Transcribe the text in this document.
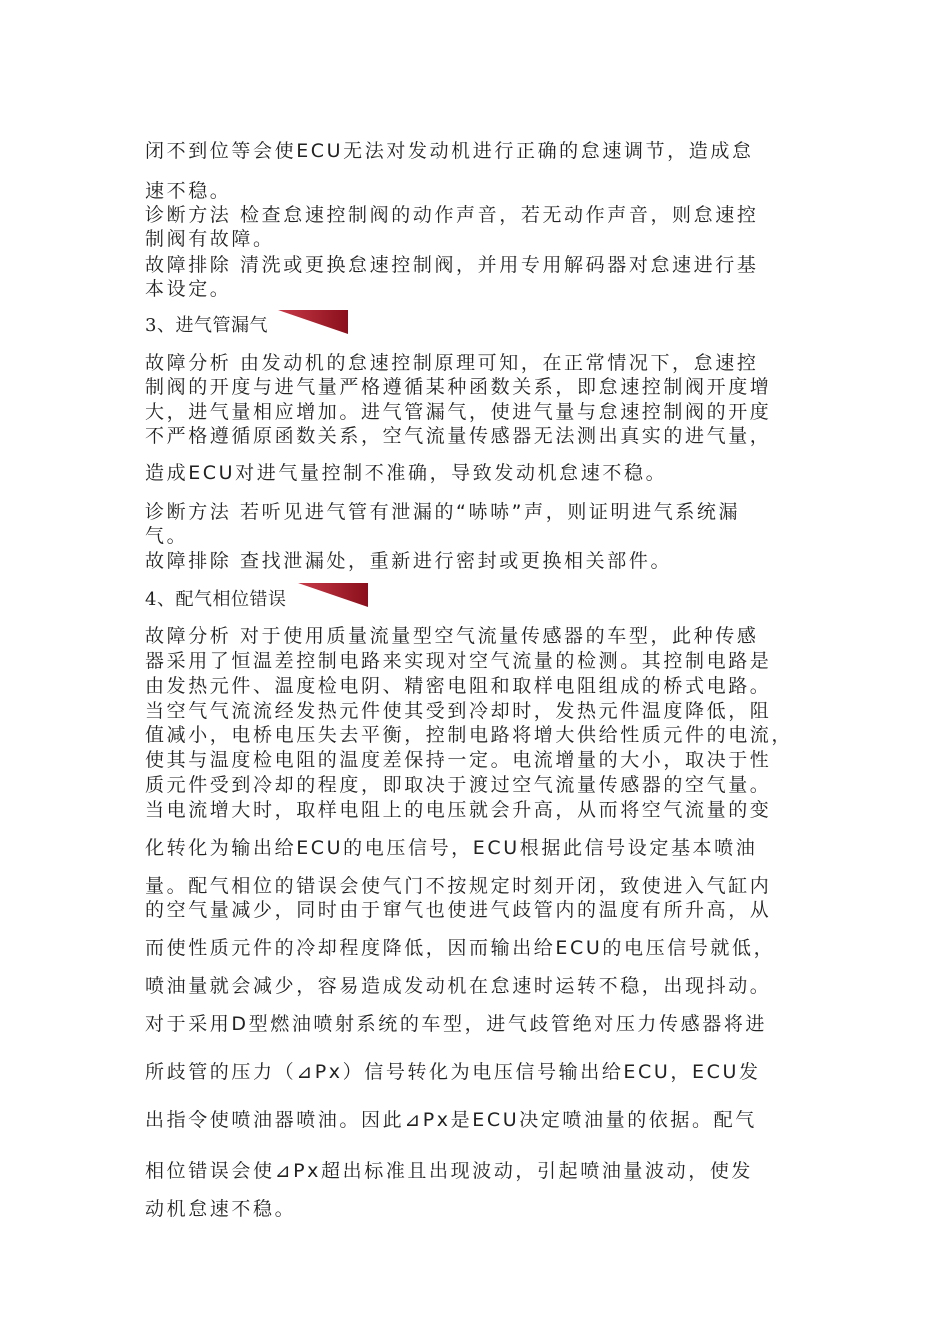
闭不到位等会使ECU无法对发动机进行正确的怠速调节，造成怠
速不稳。
诊断方法 检查怠速控制阀的动作声音，若无动作声音，则怠速控
制阀有故障。
故障排除 清洗或更换怠速控制阀，并用专用解码器对怠速进行基
本设定。
3、进气管漏气
故障分析 由发动机的怠速控制原理可知，在正常情况下，怠速控
制阀的开度与进气量严格遵循某种函数关系，即怠速控制阀开度增
大，进气量相应增加。进气管漏气，使进气量与怠速控制阀的开度
不严格遵循原函数关系，空气流量传感器无法测出真实的进气量，
造成ECU对进气量控制不准确，导致发动机怠速不稳。
诊断方法 若听见进气管有泄漏的“哧哧”声，则证明进气系统漏
气。
故障排除 查找泄漏处，重新进行密封或更换相关部件。
4、配气相位错误
故障分析 对于使用质量流量型空气流量传感器的车型，此种传感
器采用了恒温差控制电路来实现对空气流量的检测。其控制电路是
由发热元件、温度检电阴、精密电阻和取样电阻组成的桥式电路。
当空气气流流经发热元件使其受到冷却时，发热元件温度降低，阻
值减小，电桥电压失去平衡，控制电路将增大供给性质元件的电流，
使其与温度检电阻的温度差保持一定。电流增量的大小，取决于性
质元件受到冷却的程度，即取决于渡过空气流量传感器的空气量。
当电流增大时，取样电阻上的电压就会升高，从而将空气流量的变
化转化为输出给ECU的电压信号，ECU根据此信号设定基本喷油
量。配气相位的错误会使气门不按规定时刻开闭，致使进入气缸内
的空气量减少，同时由于窜气也使进气歧管内的温度有所升高，从
而使性质元件的冷却程度降低，因而输出给ECU的电压信号就低，
喷油量就会减少，容易造成发动机在怠速时运转不稳，出现抖动。
对于采用D型燃油喷射系统的车型，进气歧管绝对压力传感器将进
所歧管的压力（⊿Px）信号转化为电压信号输出给ECU，ECU发
出指令使喷油器喷油。因此⊿Px是ECU决定喷油量的依据。配气
相位错误会使⊿Px超出标准且出现波动，引起喷油量波动，使发
动机怠速不稳。
